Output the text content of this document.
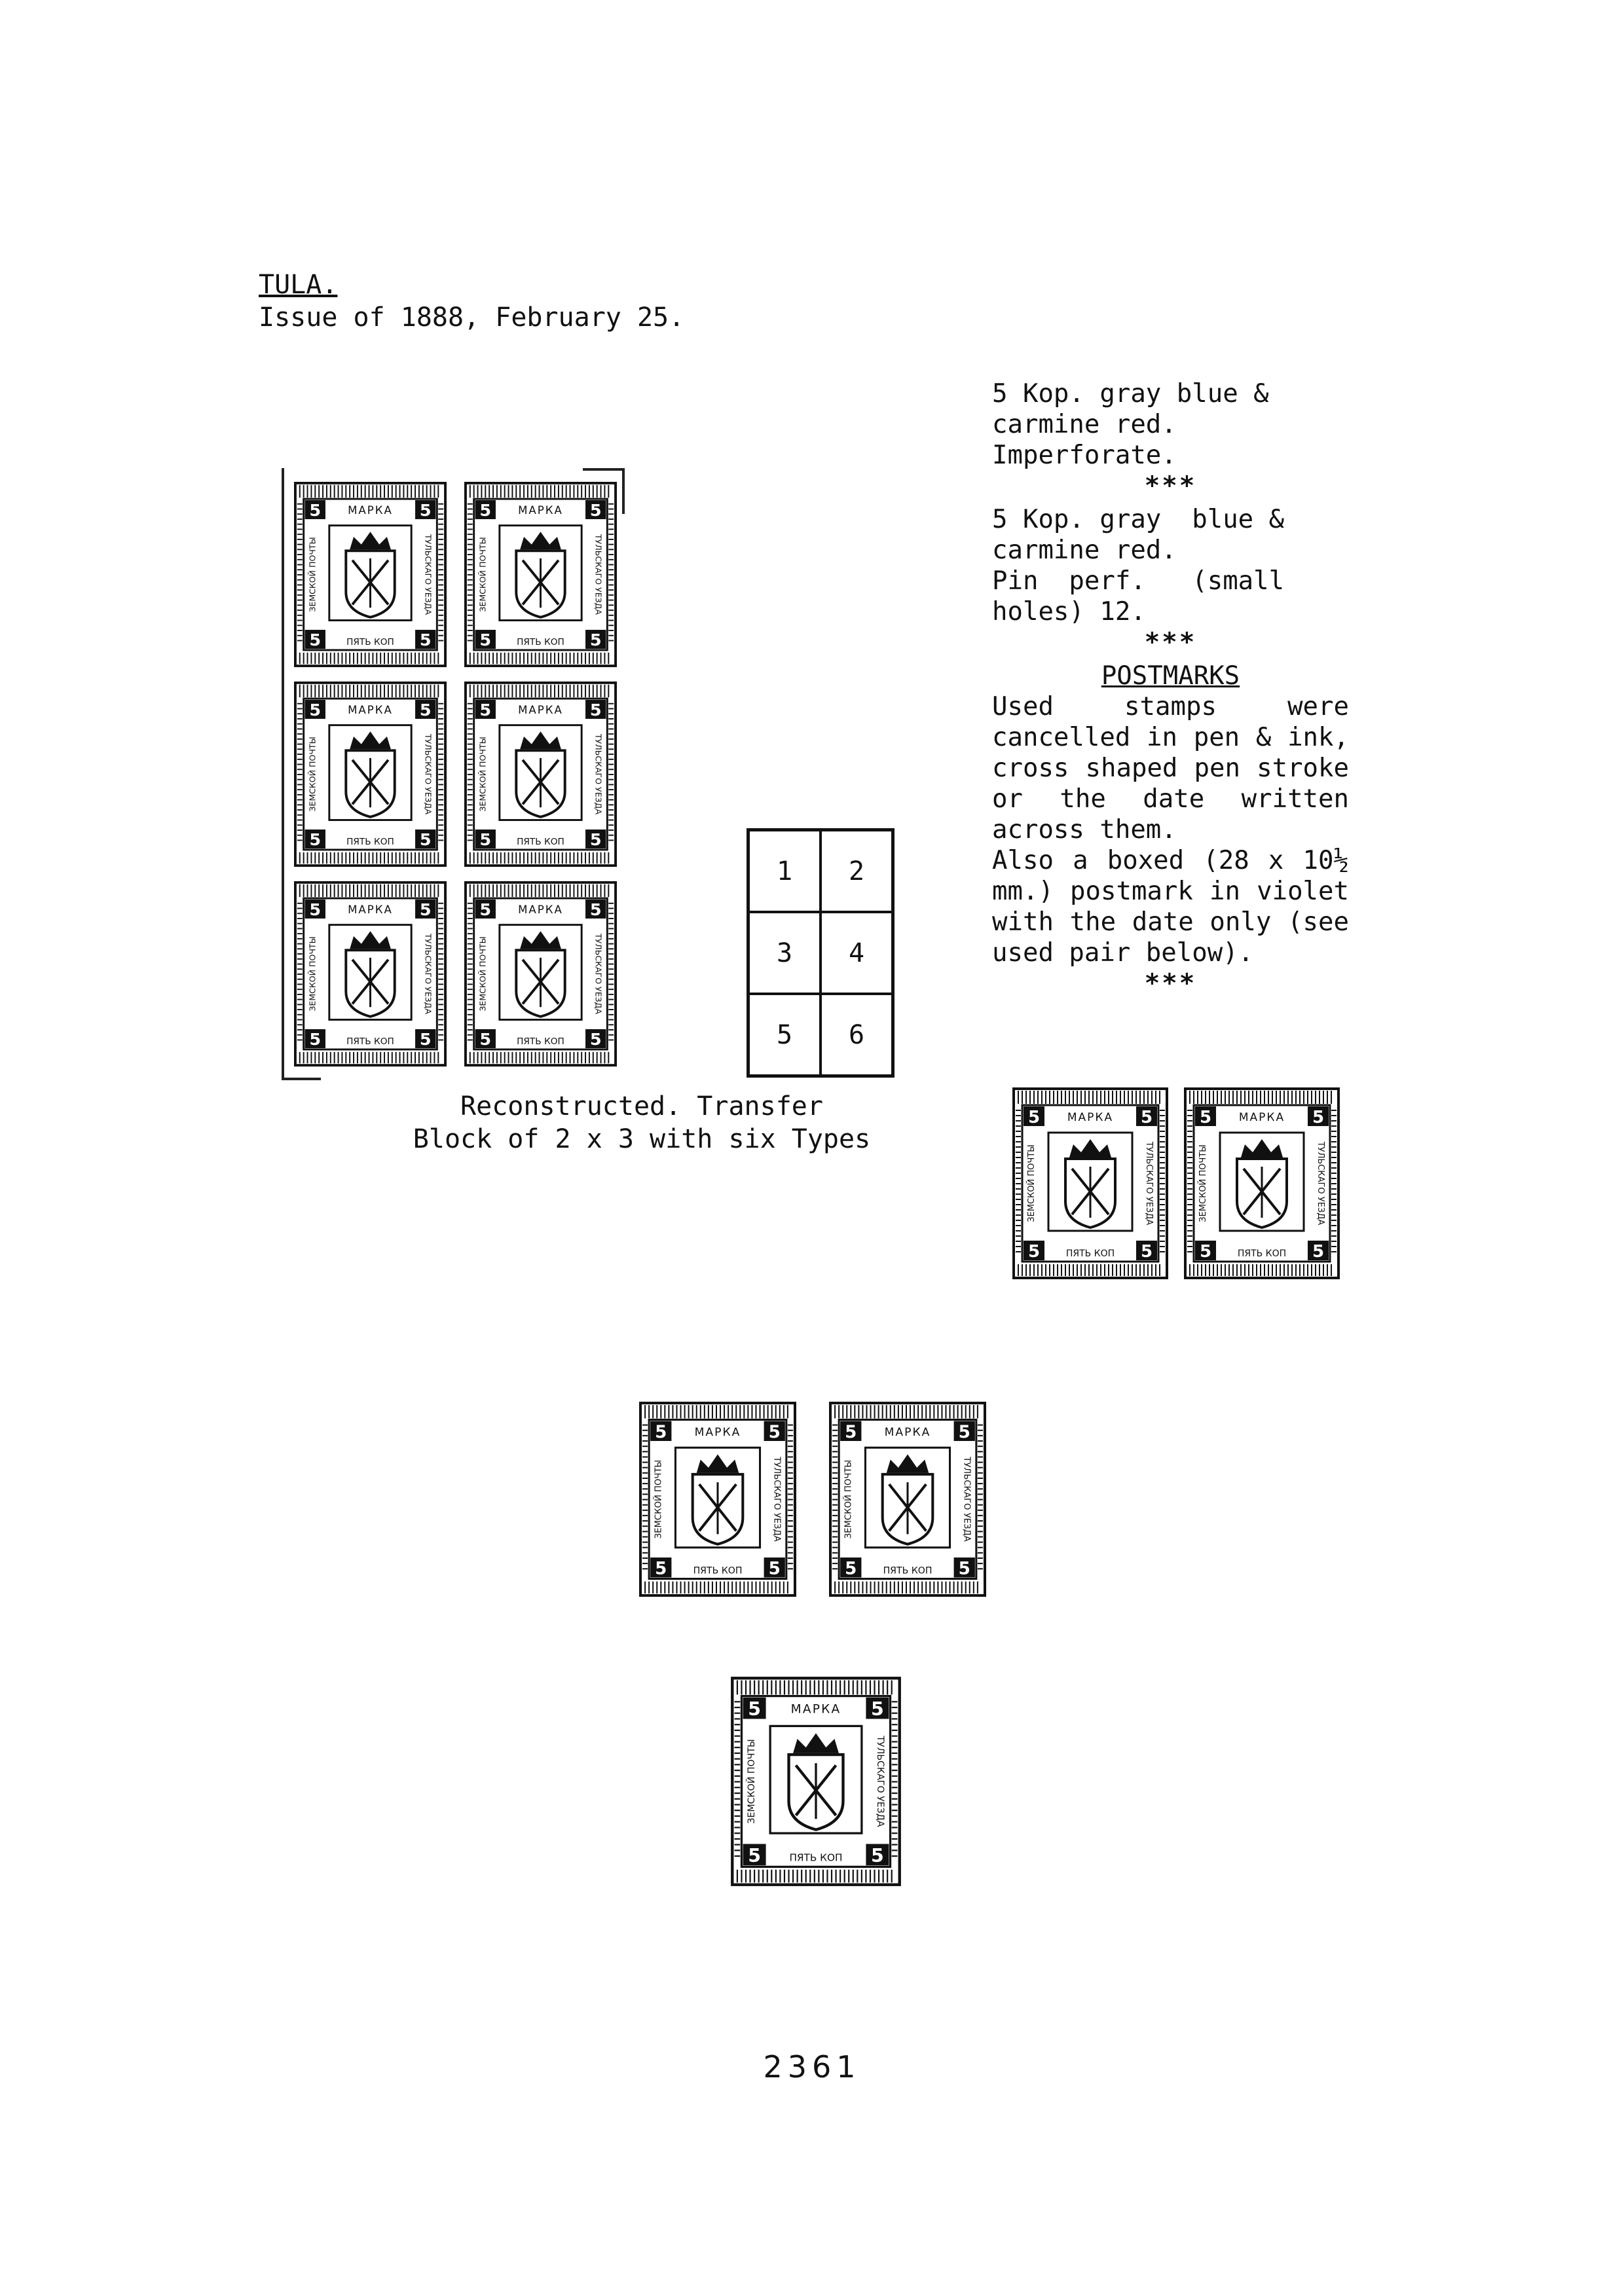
TULA.
Issue of 1888, February 25.
5	5
5	5
МАРКА
ПЯТЬ КОП
ЗЕМСКОЙ ПОЧТЫ	ТУЛЬСКАГО УЕЗДА
5	5
5	5
МАРКА
ПЯТЬ КОП
ЗЕМСКОЙ ПОЧТЫ	ТУЛЬСКАГО УЕЗДА
5	5
5	5
МАРКА
ПЯТЬ КОП
ЗЕМСКОЙ ПОЧТЫ	ТУЛЬСКАГО УЕЗДА
5	5
5	5
МАРКА
ПЯТЬ КОП
ЗЕМСКОЙ ПОЧТЫ	ТУЛЬСКАГО УЕЗДА
5	5
5	5
МАРКА
ПЯТЬ КОП
ЗЕМСКОЙ ПОЧТЫ	ТУЛЬСКАГО УЕЗДА
5	5
5	5
МАРКА
ПЯТЬ КОП
ЗЕМСКОЙ ПОЧТЫ	ТУЛЬСКАГО УЕЗДА
1	2
3	4
5	6
Reconstructed. Transfer
Block of 2 x 3 with six Types
5 Kop. gray blue &
carmine red.
Imperforate.
***
5 Kop. gray  blue &
carmine red.
Pin  perf.   (small
holes) 12.
***
POSTMARKS

Used stamps were cancelled in pen & ink, cross shaped pen stroke or the date written across them.

Also a boxed (28 x 10½ mm.) postmark in violet with the date only (see used pair below).

***
5	5
5	5
МАРКА
ПЯТЬ КОП
ЗЕМСКОЙ ПОЧТЫ	ТУЛЬСКАГО УЕЗДА
5	5
5	5
МАРКА
ПЯТЬ КОП
ЗЕМСКОЙ ПОЧТЫ	ТУЛЬСКАГО УЕЗДА
5	5
5	5
МАРКА
ПЯТЬ КОП
ЗЕМСКОЙ ПОЧТЫ	ТУЛЬСКАГО УЕЗДА
5	5
5	5
МАРКА
ПЯТЬ КОП
ЗЕМСКОЙ ПОЧТЫ	ТУЛЬСКАГО УЕЗДА
5	5
5	5
МАРКА
ПЯТЬ КОП
ЗЕМСКОЙ ПОЧТЫ	ТУЛЬСКАГО УЕЗДА
2361
